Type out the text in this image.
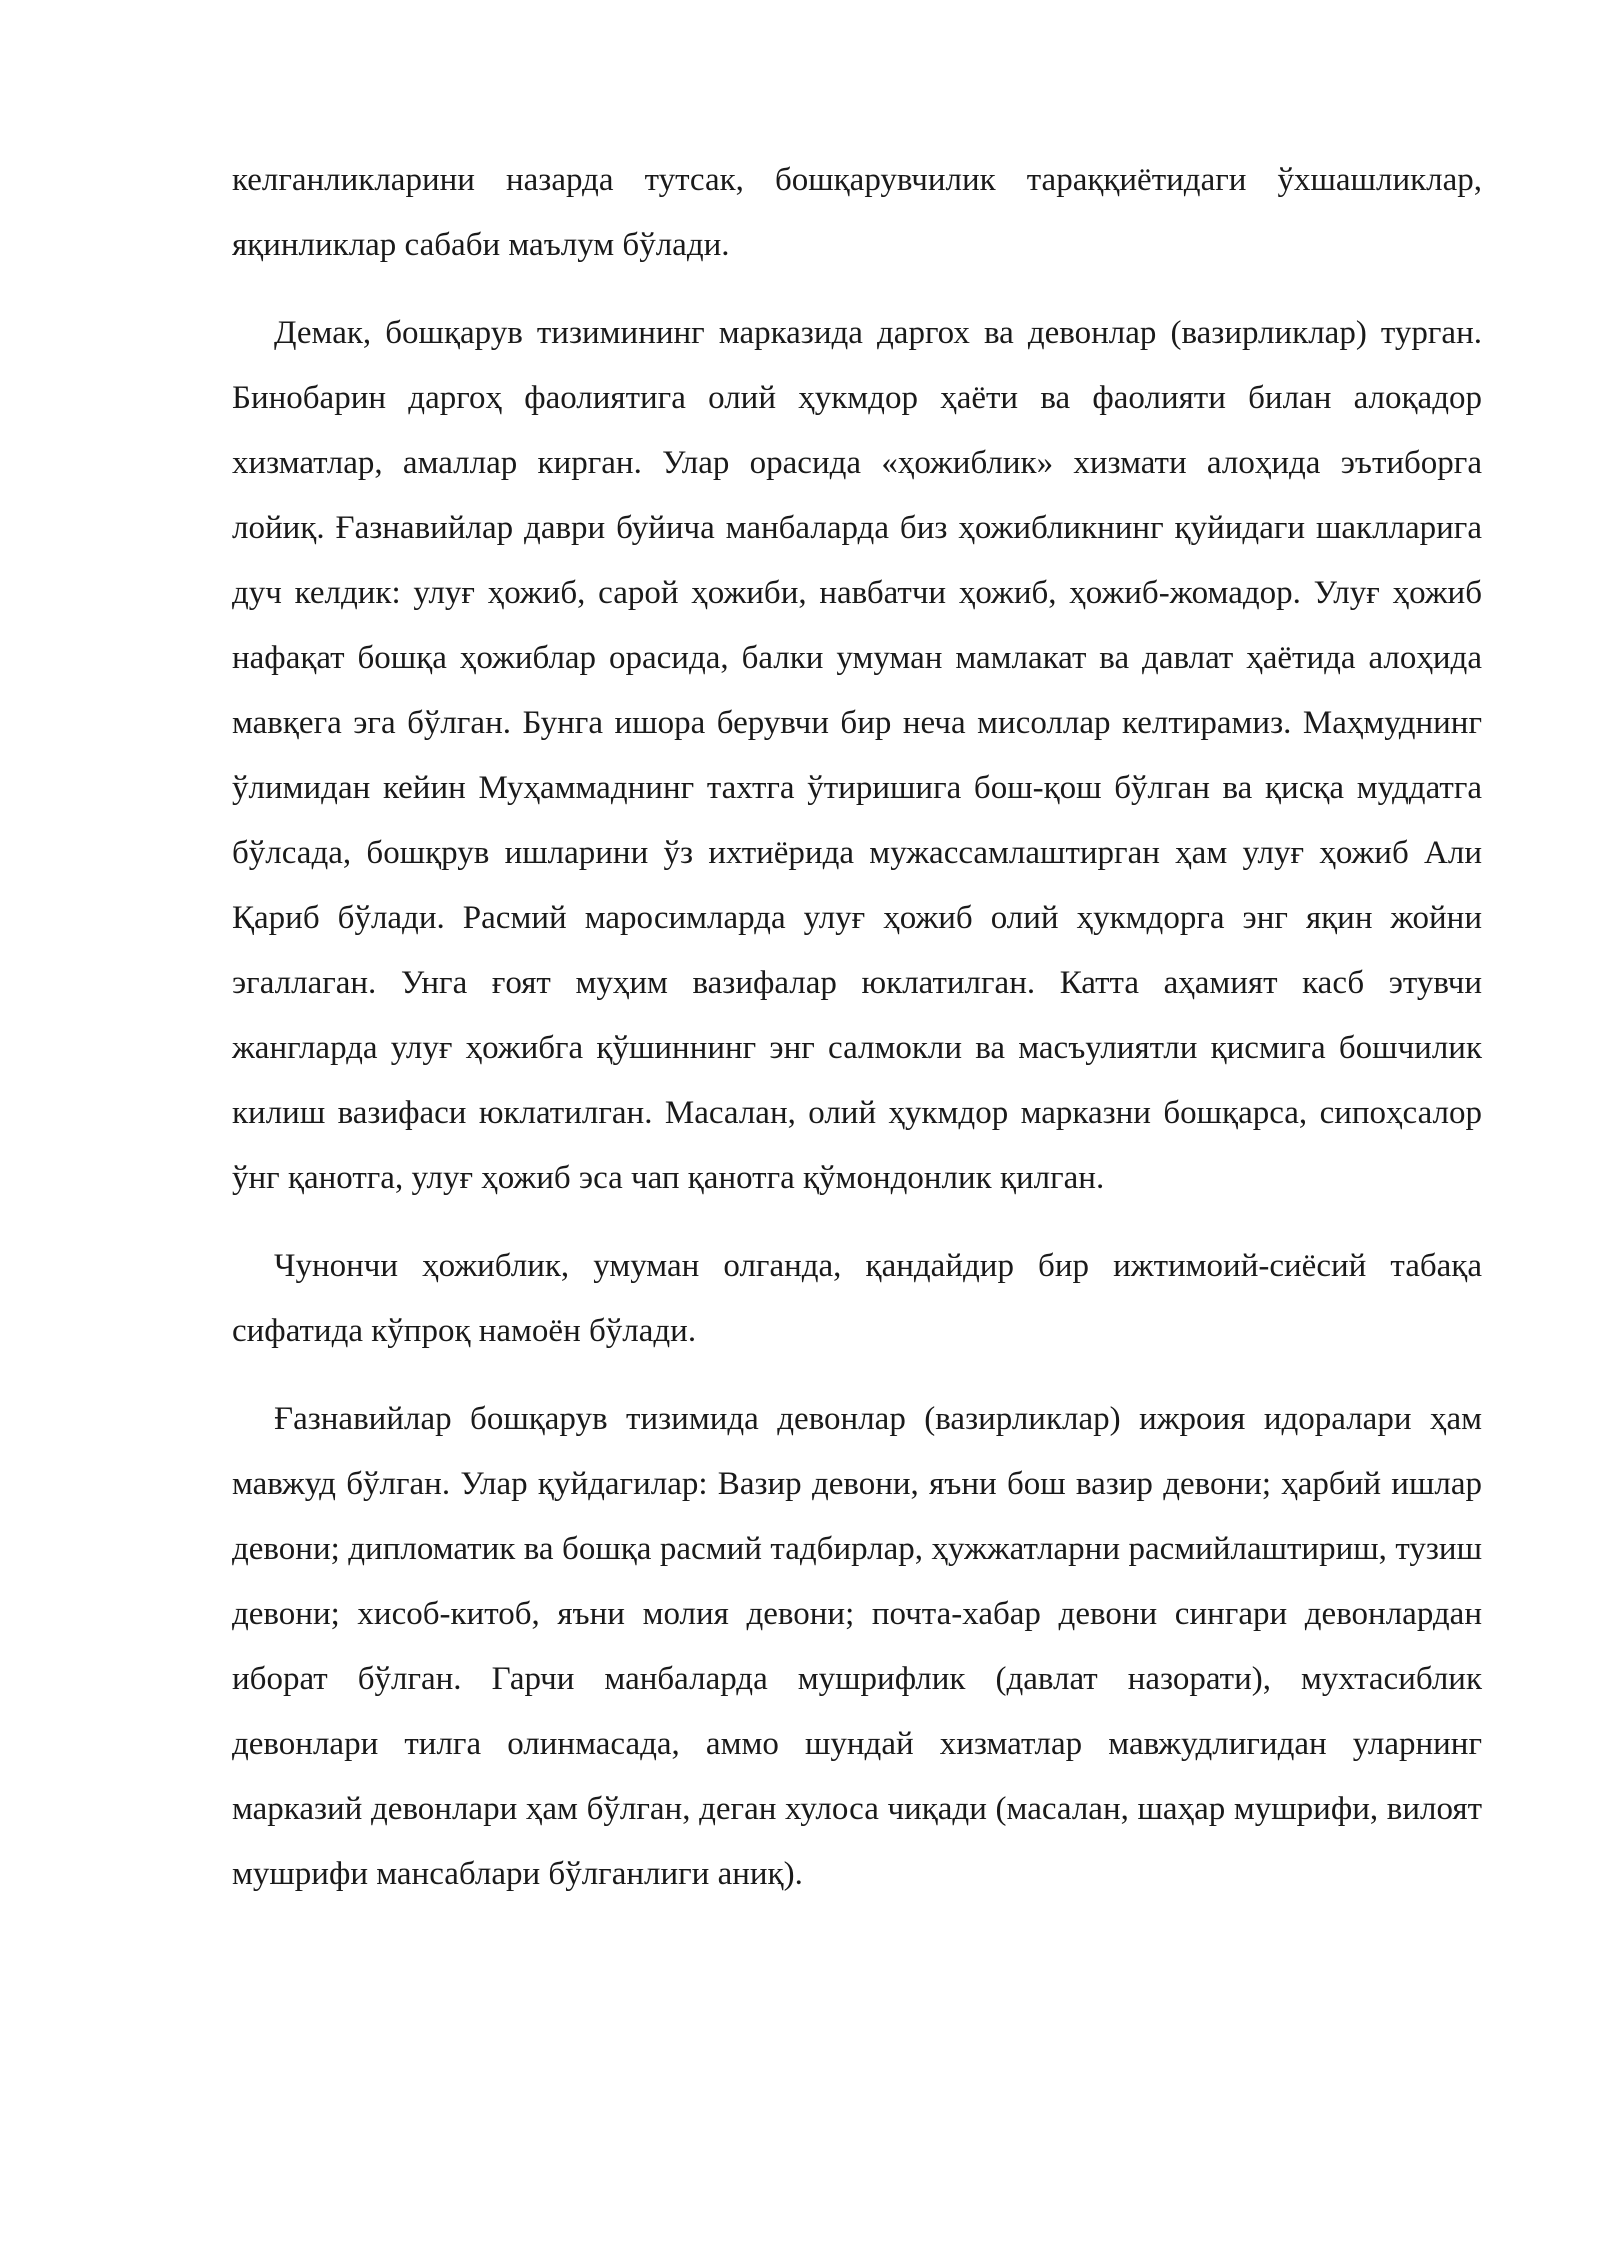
келганликларини назарда тутсак, бошқарувчилик тараққиётидаги ўхшашликлар, яқинликлар сабаби маълум бўлади.

Демак, бошқарув тизимининг марказида даргох ва девонлар (вазирликлар) турган. Бинобарин даргоҳ фаолиятига олий ҳукмдор ҳаёти ва фаолияти билан алоқадор хизматлар, амаллар кирган. Улар орасида «ҳожиблик» хизмати алоҳида эътиборга лойиқ. Ғазнавийлар даври буйича манбаларда биз ҳожибликнинг қуйидаги шаклларига дуч келдик: улуғ ҳожиб, сарой ҳожиби, навбатчи ҳожиб, ҳожиб-жомадор. Улуғ ҳожиб нафақат бошқа ҳожиблар орасида, балки умуман мамлакат ва давлат ҳаётида алоҳида мавқега эга бўлган. Бунга ишора берувчи бир неча мисоллар келтирамиз. Маҳмуднинг ўлимидан кейин Муҳаммаднинг тахтга ўтиришига бош-қош бўлган ва қисқа муддатга бўлсада, бошқрув ишларини ўз ихтиёрида мужассамлаштирган ҳам улуғ ҳожиб Али Қариб бўлади. Расмий маросимларда улуғ ҳожиб олий ҳукмдорга энг яқин жойни эгаллаган. Унга ғоят муҳим вазифалар юклатилган. Катта аҳамият касб этувчи жангларда улуғ ҳожибга қўшиннинг энг салмокли ва масъулиятли қисмига бошчилик килиш вазифаси юклатилган. Масалан, олий ҳукмдор марказни бошқарса, сипоҳсалор ўнг қанотга, улуғ ҳожиб эса чап қанотга қўмондонлик қилган.

Чунончи ҳожиблик, умуман олганда, қандайдир бир ижтимоий-сиёсий табақа сифатида кўпроқ намоён бўлади.

Ғазнавийлар бошқарув тизимида девонлар (вазирликлар) ижроия идоралари ҳам мавжуд бўлган. Улар қуйдагилар: Вазир девони, яъни бош вазир девони; ҳарбий ишлар девони; дипломатик ва бошқа расмий тадбирлар, ҳужжатларни расмийлаштириш, тузиш девони; хисоб-китоб, яъни молия девони; почта-хабар девони сингари девонлардан иборат бўлган. Гарчи манбаларда мушрифлик (давлат назорати), мухтасиблик девонлари тилга олинмасада, аммо шундай хизматлар мавжудлигидан уларнинг марказий девонлари ҳам бўлган, деган хулоса чиқади (масалан, шаҳар мушрифи, вилоят мушрифи мансаблари бўлганлиги аниқ).
